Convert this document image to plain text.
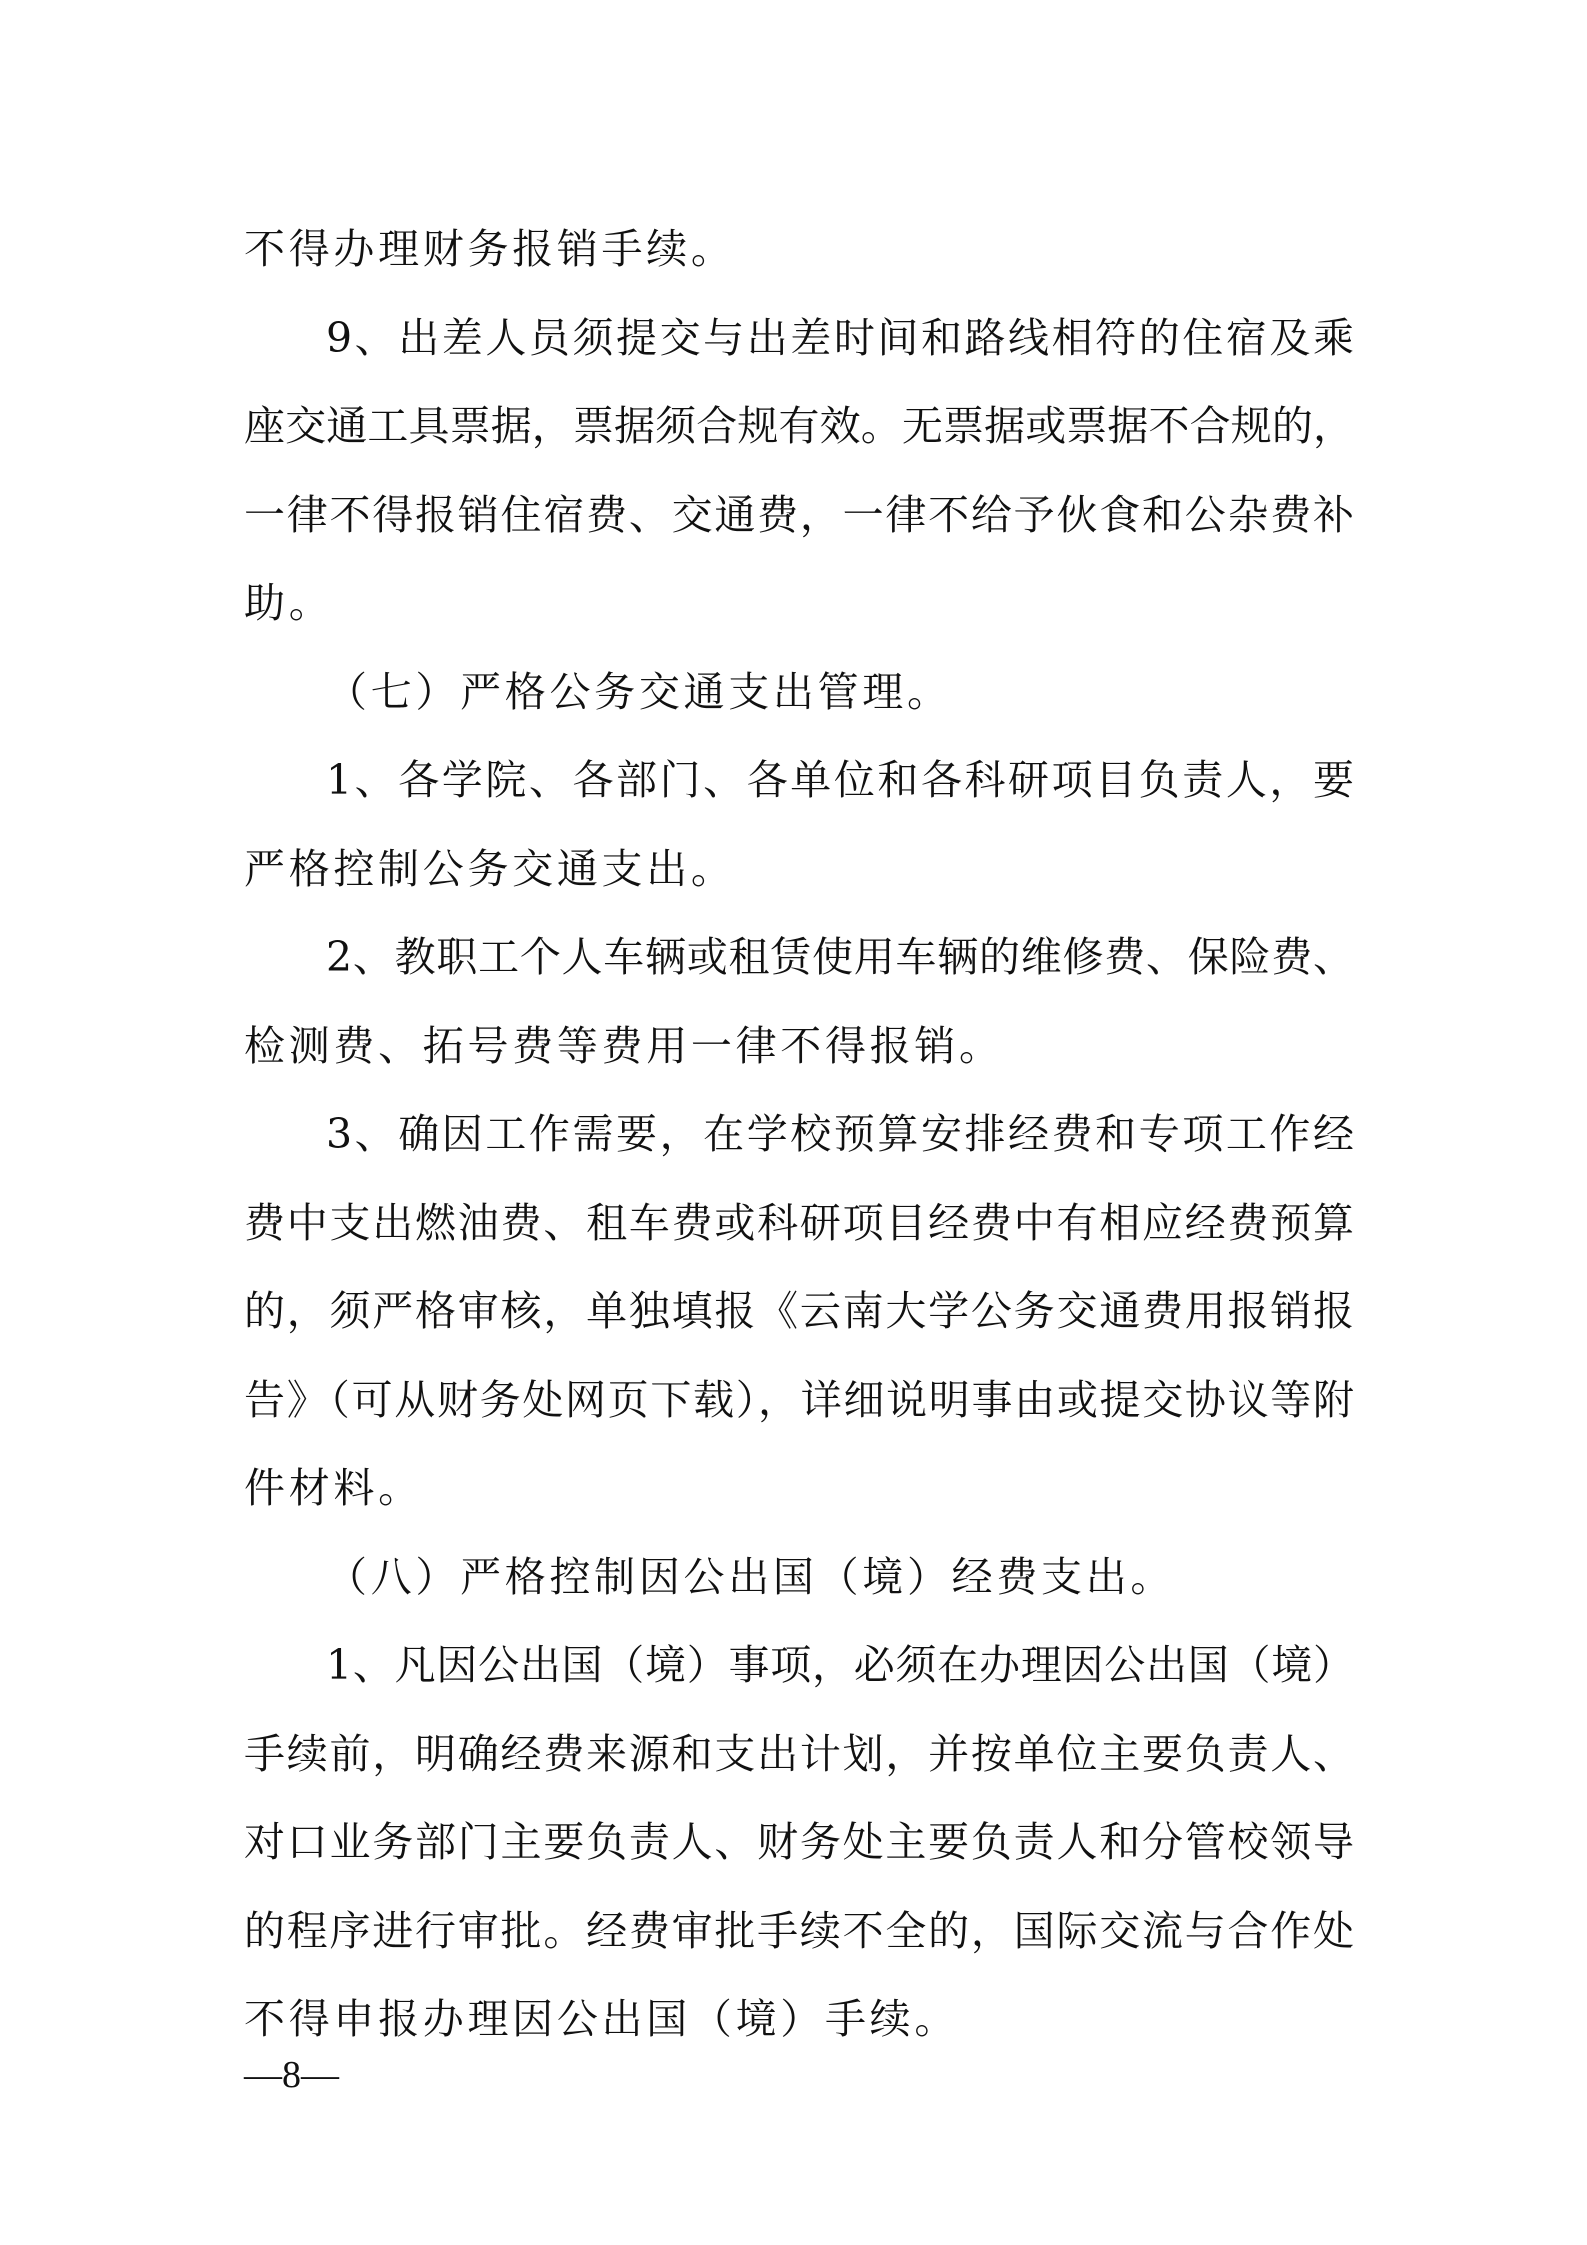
不得办理财务报销手续。
9、出差人员须提交与出差时间和路线相符的住宿及乘
座交通工具票据，票据须合规有效。无票据或票据不合规的，
一律不得报销住宿费、交通费，一律不给予伙食和公杂费补
助。
（七）严格公务交通支出管理。
1、各学院、各部门、各单位和各科研项目负责人，要
严格控制公务交通支出。
2、教职工个人车辆或租赁使用车辆的维修费、保险费、
检测费、拓号费等费用一律不得报销。
3、确因工作需要，在学校预算安排经费和专项工作经
费中支出燃油费、租车费或科研项目经费中有相应经费预算
的，须严格审核，单独填报《云南大学公务交通费用报销报
告》（可从财务处网页下载），详细说明事由或提交协议等附
件材料。
（八）严格控制因公出国（境）经费支出。
1、凡因公出国（境）事项，必须在办理因公出国（境）
手续前，明确经费来源和支出计划，并按单位主要负责人、
对口业务部门主要负责人、财务处主要负责人和分管校领导
的程序进行审批。经费审批手续不全的，国际交流与合作处
不得申报办理因公出国（境）手续。
—8—
